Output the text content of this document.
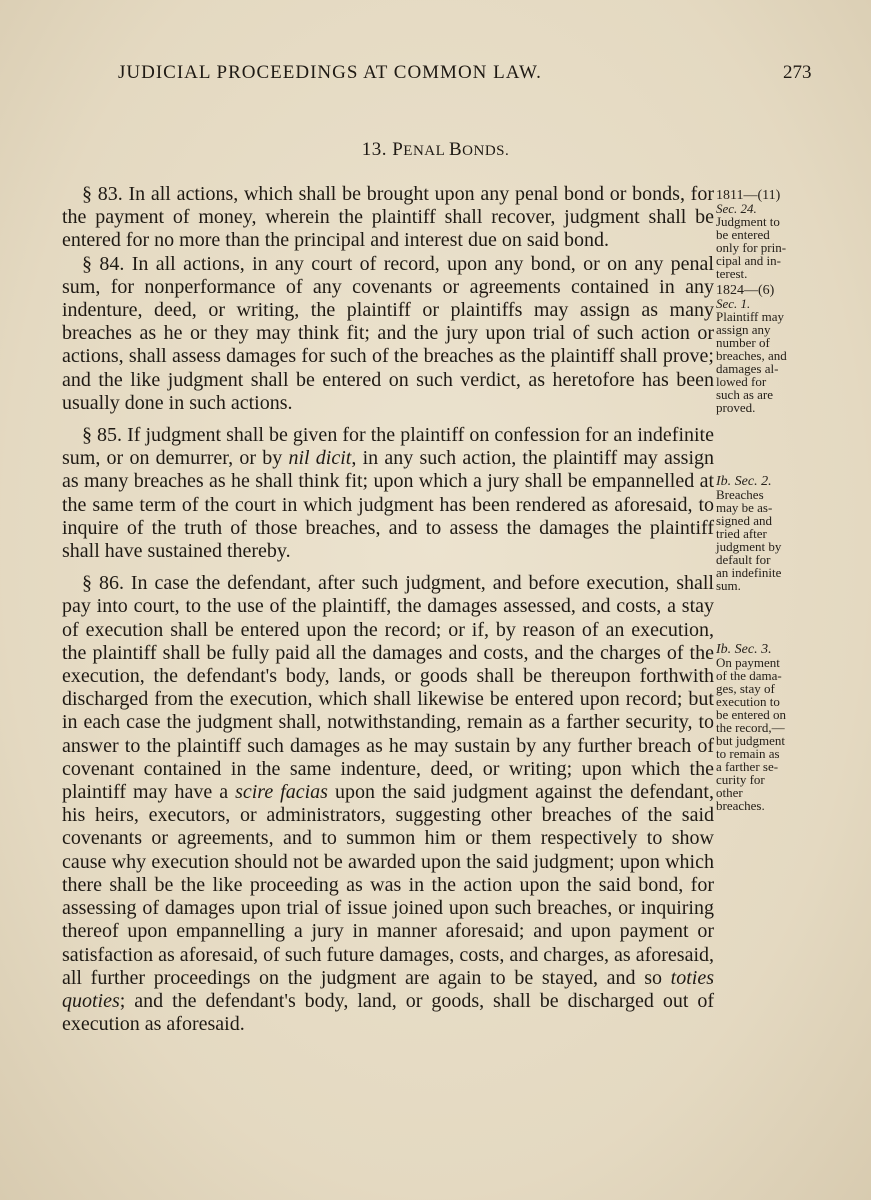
JUDICIAL PROCEEDINGS AT COMMON LAW.	273
13. PENAL BONDS.

§ 83. In all actions, which shall be brought upon any penal bond or bonds, for the payment of money, wherein the plaintiff shall recover, judgment shall be entered for no more than the principal and interest due on said bond.

§ 84. In all actions, in any court of record, upon any bond, or on any penal sum, for nonperformance of any covenants or agreements contained in any indenture, deed, or writing, the plaintiff or plaintiffs may assign as many breaches as he or they may think fit; and the jury upon trial of such action or actions, shall assess damages for such of the breaches as the plaintiff shall prove; and the like judgment shall be entered on such verdict, as heretofore has been usually done in such actions.

§ 85. If judgment shall be given for the plaintiff on confession for an indefinite sum, or on demurrer, or by nil dicit, in any such action, the plaintiff may assign as many breaches as he shall think fit; upon which a jury shall be empannelled at the same term of the court in which judgment has been rendered as aforesaid, to inquire of the truth of those breaches, and to assess the damages the plaintiff shall have sustained thereby.

§ 86. In case the defendant, after such judgment, and before execution, shall pay into court, to the use of the plaintiff, the damages assessed, and costs, a stay of execution shall be entered upon the record; or if, by reason of an execution, the plaintiff shall be fully paid all the damages and costs, and the charges of the execution, the defendant's body, lands, or goods shall be thereupon forthwith discharged from the execution, which shall likewise be entered upon record; but in each case the judgment shall, notwithstanding, remain as a farther security, to answer to the plaintiff such damages as he may sustain by any further breach of covenant contained in the same indenture, deed, or writing; upon which the plaintiff may have a scire facias upon the said judgment against the defendant, his heirs, executors, or administrators, suggesting other breaches of the said covenants or agreements, and to summon him or them respectively to show cause why execution should not be awarded upon the said judgment; upon which there shall be the like proceeding as was in the action upon the said bond, for assessing of damages upon trial of issue joined upon such breaches, or inquiring thereof upon empannelling a jury in manner aforesaid; and upon payment or satisfaction as aforesaid, of such future damages, costs, and charges, as aforesaid, all further proceedings on the judgment are again to be stayed, and so toties quoties; and the defendant's body, land, or goods, shall be discharged out of execution as aforesaid.

1811—(11)
Sec. 24.
Judgment to
be entered
only for prin-
cipal and in-
terest.
1824—(6)
Sec. 1.
Plaintiff may
assign any
number of
breaches, and
damages al-
lowed for
such as are
proved.
Ib. Sec. 2.
Breaches
may be as-
signed and
tried after
judgment by
default for
an indefinite
sum.
Ib. Sec. 3.
On payment
of the dama-
ges, stay of
execution to
be entered on
the record,—
but judgment
to remain as
a farther se-
curity for
other
breaches.
